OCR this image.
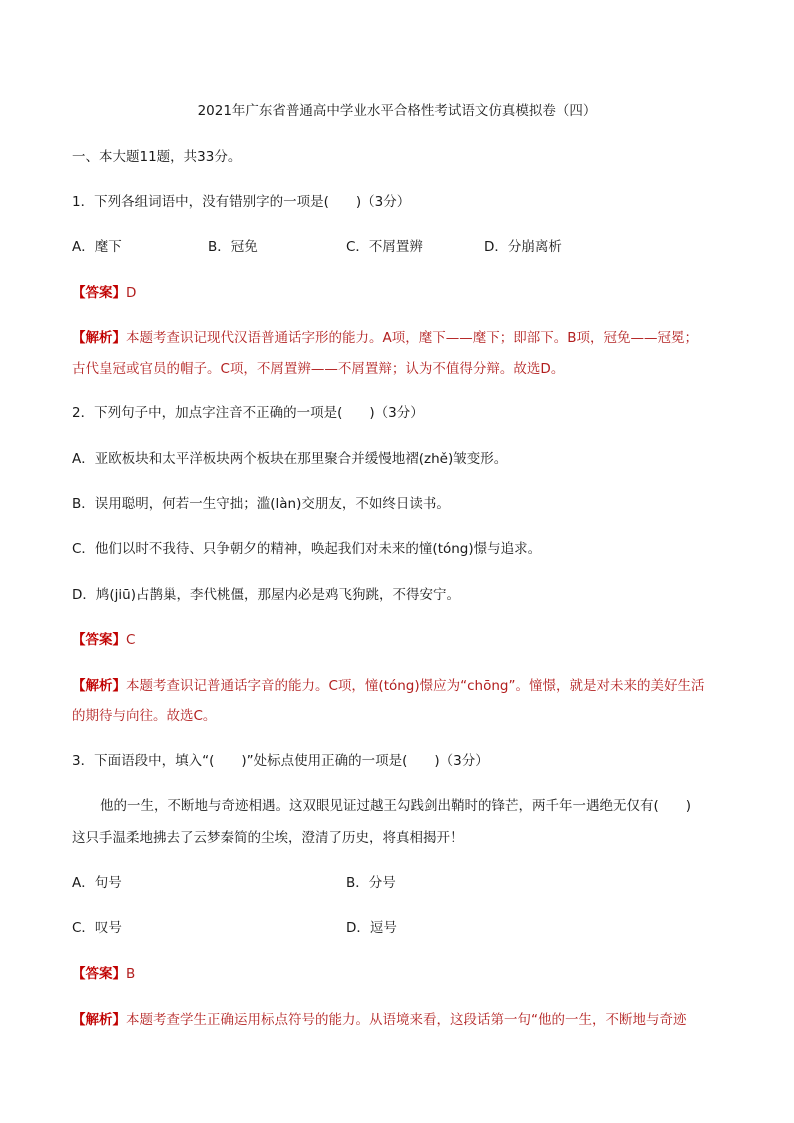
2021年广东省普通高中学业水平合格性考试语文仿真模拟卷（四）
一、本大题11题，共33分。
1．下列各组词语中，没有错别字的一项是(　　)（3分）
A．麾下	B．冠免	C．不屑置辨	D．分崩离析
【答案】D
【解析】本题考查识记现代汉语普通话字形的能力。A项，麾下——麾下；即部下。B项，冠免——冠冕；
古代皇冠或官员的帽子。C项，不屑置辨——不屑置辩；认为不值得分辩。故选D。
2．下列句子中，加点字注音不正确的一项是(　　)（3分）
A．亚欧板块和太平洋板块两个板块在那里聚合并缓慢地褶(zhě)皱变形。
B．误用聪明，何若一生守拙；滥(làn)交朋友，不如终日读书。
C．他们以时不我待、只争朝夕的精神，唤起我们对未来的憧(tóng)憬与追求。
D．鸠(jiū)占鹊巢，李代桃僵，那屋内必是鸡飞狗跳，不得安宁。
【答案】C
【解析】本题考查识记普通话字音的能力。C项，憧(tóng)憬应为“chōng”。憧憬，就是对未来的美好生活
的期待与向往。故选C。
3．下面语段中，填入“(　　)”处标点使用正确的一项是(　　)（3分）
他的一生，不断地与奇迹相遇。这双眼见证过越王勾践剑出鞘时的锋芒，两千年一遇绝无仅有(　　)
这只手温柔地拂去了云梦秦简的尘埃，澄清了历史，将真相揭开！
A．句号	B．分号
C．叹号	D．逗号
【答案】B
【解析】本题考查学生正确运用标点符号的能力。从语境来看，这段话第一句“他的一生，不断地与奇迹
